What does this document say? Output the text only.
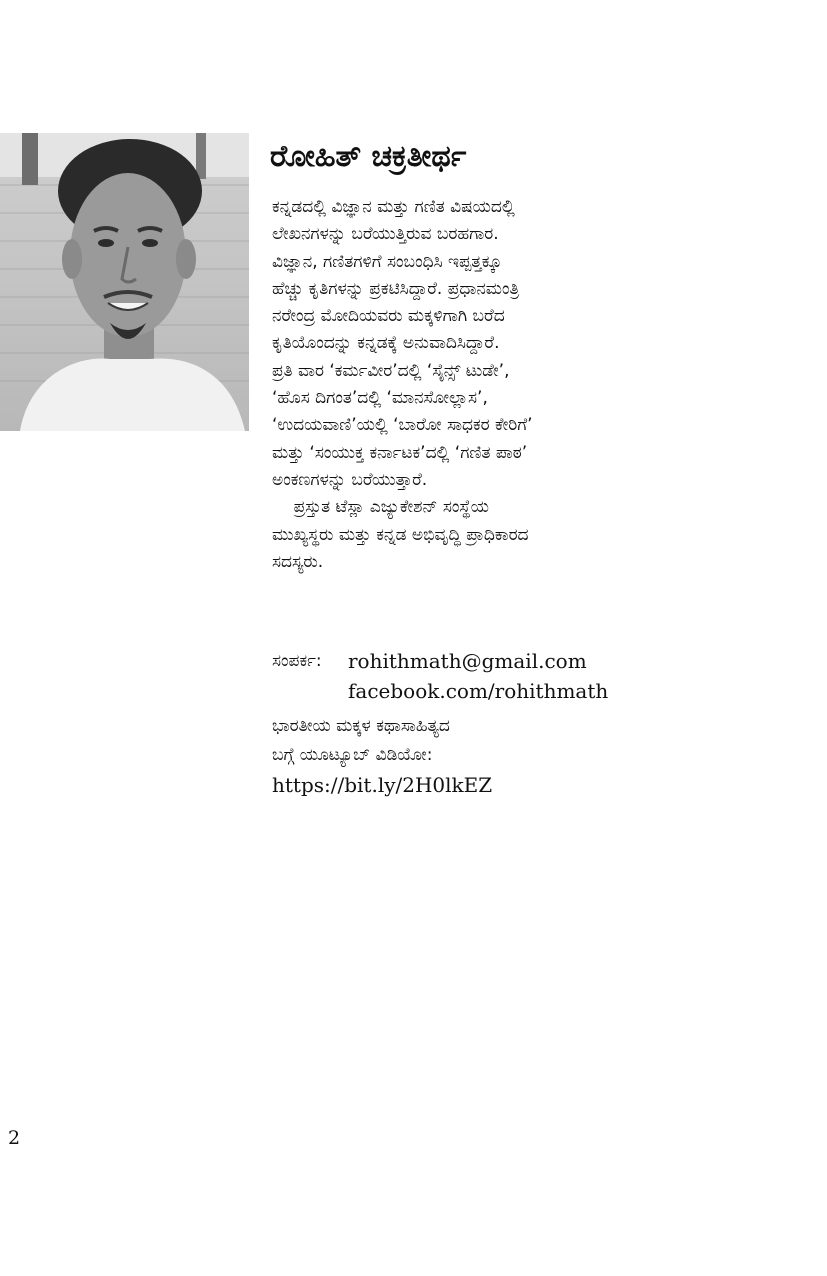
ರೋಹಿತ್ ಚಕ್ರತೀರ್ಥ

ಕನ್ನಡದಲ್ಲಿ ವಿಜ್ಞಾನ ಮತ್ತು ಗಣಿತ ವಿಷಯದಲ್ಲಿ
ಲೇಖನಗಳನ್ನು ಬರೆಯುತ್ತಿರುವ ಬರಹಗಾರ.
ವಿಜ್ಞಾನ, ಗಣಿತಗಳಿಗೆ ಸಂಬಂಧಿಸಿ ಇಪ್ಪತ್ತಕ್ಕೂ
ಹೆಚ್ಚು ಕೃತಿಗಳನ್ನು ಪ್ರಕಟಿಸಿದ್ದಾರೆ. ಪ್ರಧಾನಮಂತ್ರಿ
ನರೇಂದ್ರ ಮೋದಿಯವರು ಮಕ್ಕಳಿಗಾಗಿ ಬರೆದ
ಕೃತಿಯೊಂದನ್ನು ಕನ್ನಡಕ್ಕೆ ಅನುವಾದಿಸಿದ್ದಾರೆ.
ಪ್ರತಿ ವಾರ ‘ಕರ್ಮವೀರ’ದಲ್ಲಿ ‘ಸೈನ್ಸ್ ಟುಡೇ’,
‘ಹೊಸ ದಿಗಂತ’ದಲ್ಲಿ ‘ಮಾನಸೋಲ್ಲಾಸ’,
‘ಉದಯವಾಣಿ’ಯಲ್ಲಿ ‘ಬಾರೋ ಸಾಧಕರ ಕೇರಿಗೆ’
ಮತ್ತು ‘ಸಂಯುಕ್ತ ಕರ್ನಾಟಕ’ದಲ್ಲಿ ‘ಗಣಿತ ಪಾಠ’
ಅಂಕಣಗಳನ್ನು ಬರೆಯುತ್ತಾರೆ.
ಪ್ರಸ್ತುತ ಟೆಸ್ಲಾ ಎಜ್ಯುಕೇಶನ್ ಸಂಸ್ಥೆಯ
ಮುಖ್ಯಸ್ಥರು ಮತ್ತು ಕನ್ನಡ ಅಭಿವೃದ್ಧಿ ಪ್ರಾಧಿಕಾರದ
ಸದಸ್ಯರು.

ಸಂಪರ್ಕ:	rohithmath@gmail.com
facebook.com/rohithmath
ಭಾರತೀಯ ಮಕ್ಕಳ ಕಥಾಸಾಹಿತ್ಯದ
ಬಗ್ಗೆ ಯೂಟ್ಯೂಬ್ ವಿಡಿಯೋ:
https://bit.ly/2H0lkEZ
2
